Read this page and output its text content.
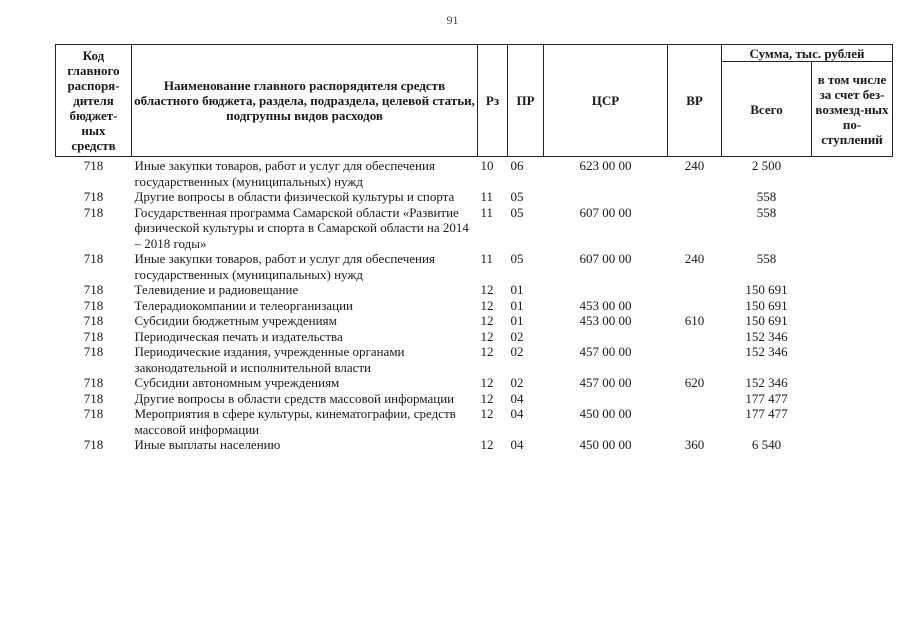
91
Код главного распоря-дителя бюджет-ных средств	Наименование главного распорядителя средств областного бюджета, раздела, подраздела, целевой статьи, подгрупны видов расходов	Рз	ПР	ЦСР	ВР	Сумма, тыс. рублей	
						Всего	в том числе за счет без-возмезд-ных по-ступлений
718	Иные закупки товаров, работ и услуг для обеспечения государственных (муниципальных) нужд	10	06	623 00 00	240	2 500	
718	Другие вопросы в области физической культуры и спорта	11	05			558	
718	Государственная программа Самарской области «Развитие физической культуры и спорта в Самарской области на 2014 – 2018 годы»	11	05	607 00 00		558	
718	Иные закупки товаров, работ и услуг для обеспечения государственных (муниципальных) нужд	11	05	607 00 00	240	558	
718	Телевидение и радиовещание	12	01			150 691	
718	Телерадиокомпании и телеорганизации	12	01	453 00 00		150 691	
718	Субсидии бюджетным учреждениям	12	01	453 00 00	610	150 691	
718	Периодическая печать и издательства	12	02			152 346	
718	Периодические издания, учрежденные органами законодательной и исполнительной власти	12	02	457 00 00		152 346	
718	Субсидии автономным учреждениям	12	02	457 00 00	620	152 346	
718	Другие вопросы в области средств массовой информации	12	04			177 477	
718	Мероприятия в сфере культуры, кинематографии, средств массовой информации	12	04	450 00 00		177 477	
718	Иные выплаты населению	12	04	450 00 00	360	6 540	
